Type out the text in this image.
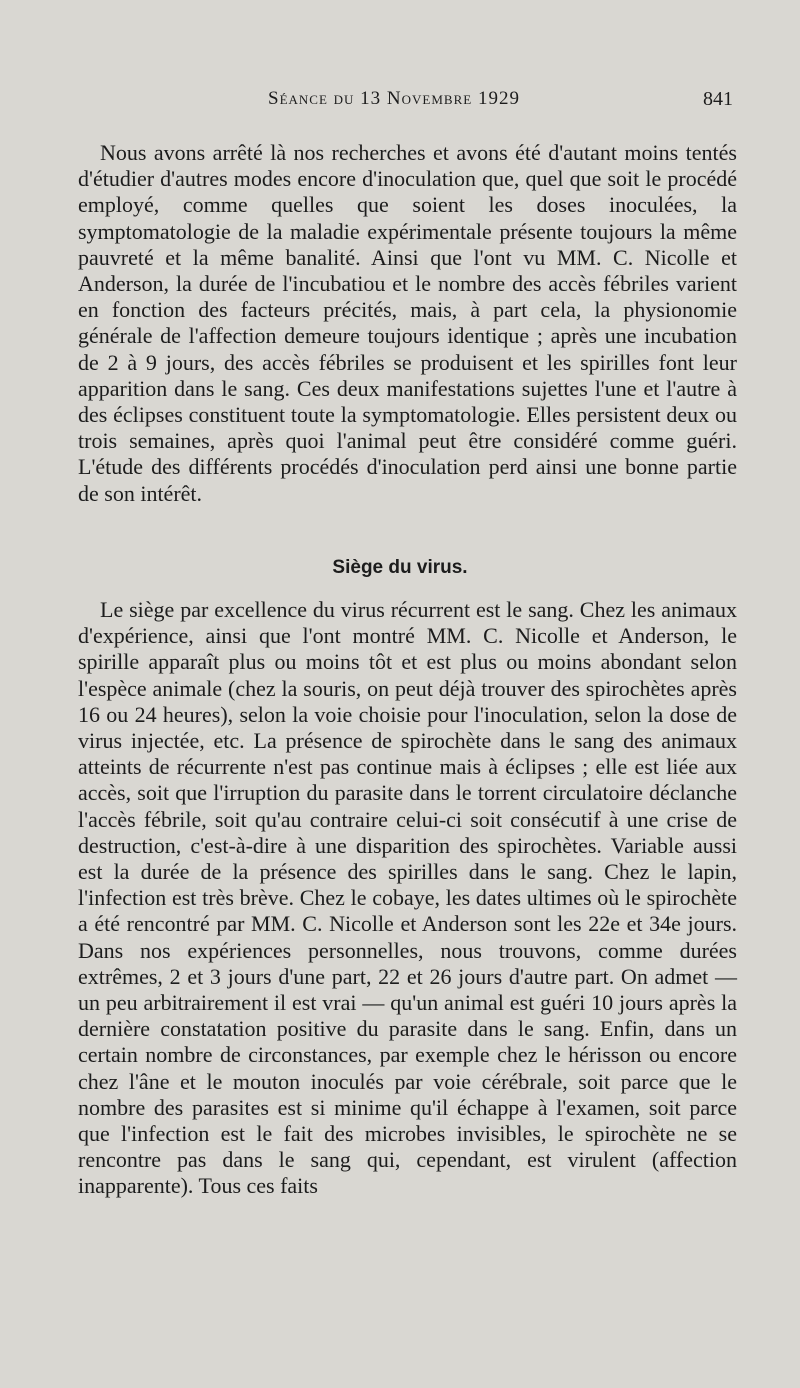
Séance du 13 Novembre 1929	841

Nous avons arrêté là nos recherches et avons été d'autant moins tentés d'étudier d'autres modes encore d'inoculation que, quel que soit le procédé employé, comme quelles que soient les doses inoculées, la symptomatologie de la maladie expérimentale présente toujours la même pauvreté et la même banalité. Ainsi que l'ont vu MM. C. Nicolle et Anderson, la durée de l'incubatiou et le nombre des accès fébriles varient en fonction des facteurs précités, mais, à part cela, la physionomie générale de l'affection demeure toujours identique ; après une incubation de 2 à 9 jours, des accès fébriles se produisent et les spirilles font leur apparition dans le sang. Ces deux manifestations sujettes l'une et l'autre à des éclipses constituent toute la symptomatologie. Elles persistent deux ou trois semaines, après quoi l'animal peut être considéré comme guéri. L'étude des différents procédés d'inoculation perd ainsi une bonne partie de son intérêt.

Siège du virus.

Le siège par excellence du virus récurrent est le sang. Chez les animaux d'expérience, ainsi que l'ont montré MM. C. Nicolle et Anderson, le spirille apparaît plus ou moins tôt et est plus ou moins abondant selon l'espèce animale (chez la souris, on peut déjà trouver des spirochètes après 16 ou 24 heures), selon la voie choisie pour l'inoculation, selon la dose de virus injectée, etc. La présence de spirochète dans le sang des animaux atteints de récurrente n'est pas continue mais à éclipses ; elle est liée aux accès, soit que l'irruption du parasite dans le torrent circulatoire déclanche l'accès fébrile, soit qu'au contraire celui-ci soit consécutif à une crise de destruction, c'est-à-dire à une disparition des spirochètes. Variable aussi est la durée de la présence des spirilles dans le sang. Chez le lapin, l'infection est très brève. Chez le cobaye, les dates ultimes où le spirochète a été rencontré par MM. C. Nicolle et Anderson sont les 22e et 34e jours. Dans nos expériences personnelles, nous trouvons, comme durées extrêmes, 2 et 3 jours d'une part, 22 et 26 jours d'autre part. On admet — un peu arbitrairement il est vrai — qu'un animal est guéri 10 jours après la dernière constatation positive du parasite dans le sang. Enfin, dans un certain nombre de circonstances, par exemple chez le hérisson ou encore chez l'âne et le mouton inoculés par voie cérébrale, soit parce que le nombre des parasites est si minime qu'il échappe à l'examen, soit parce que l'infection est le fait des microbes invisibles, le spirochète ne se rencontre pas dans le sang qui, cependant, est virulent (affection inapparente). Tous ces faits
